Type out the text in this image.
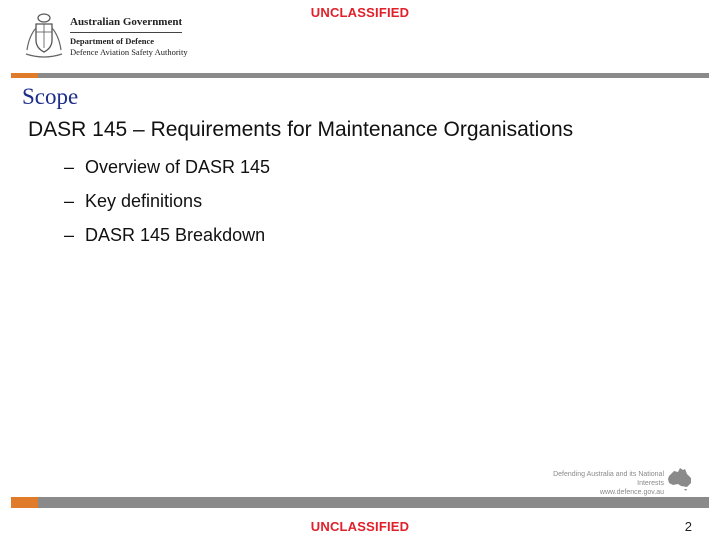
UNCLASSIFIED
Australian Government
Department of Defence
Defence Aviation Safety Authority
Scope
DASR 145 – Requirements for Maintenance Organisations
– Overview of DASR 145
– Key definitions
– DASR 145 Breakdown
Defending Australia and its National Interests
www.defence.gov.au
UNCLASSIFIED	2
